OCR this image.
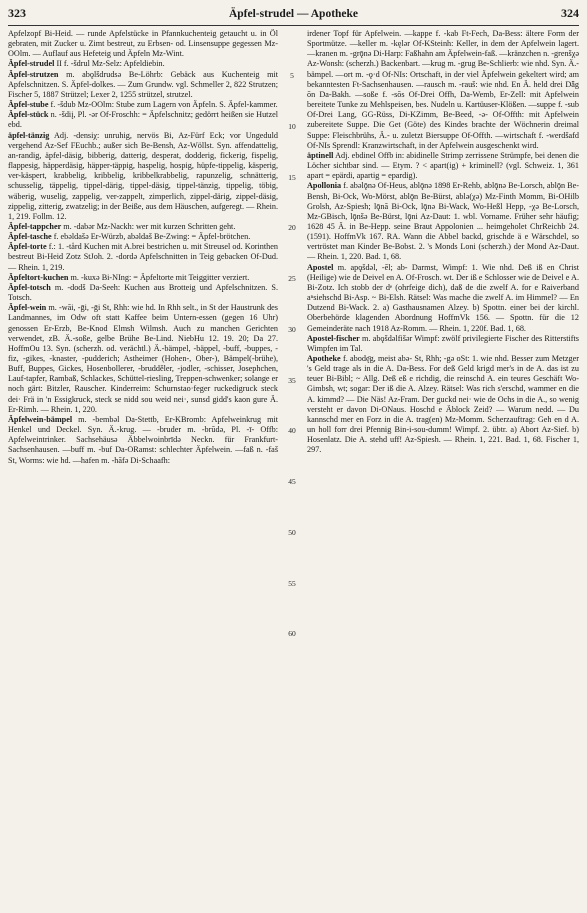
323	Äpfel-strudel — Apotheke	324

Apfelzopf Bi-Heid. — runde Apfelstücke in Pfannkuchenteig getaucht u. in Öl gebraten, mit Zucker u. Zimt bestreut, zu Erbsen- od. Linsensuppe gegessen Mz-OOlm. — Auflauf aus Hefeteig und Äpfeln Mz-Wint.

Äpfel-strudel II f. -šdrul Mz-Selz: Apfeldiebin.

Äpfel-strutzen m. abǫlšdrudsǝ Be-Löhrb: Gebäck aus Kuchenteig mit Apfelschnitzen. S. Äpfel-dolkes. — Zum Grundw. vgl. Schmeller 2, 822 Strutzen; Fischer 5, 1887 Strützel; Lexer 2, 1255 strützel, strutzel.

Äpfel-stube f. -šdub Mz-OOlm: Stube zum Lagern von Äpfeln. S. Äpfel-kammer.

Äpfel-stück n. -šdiį, Pl. -ǝr Of-Froschh: = Äpfelschnitz; gedörrt heißen sie Hutzel ebd.

äpfel-tänzig Adj. -densiχ: unruhig, nervös Bi, Az-Fürf Eck; vor Ungeduld vergehend Az-Sef FEuchb.; außer sich Be-Bensh, Az-Wöllst. Syn. affendattelig, an-randig, äpfel-däsig, bibberig, datterig, desperat, dodderig, fickerig, fispelig, flappesig, häpperdäsig, häpper-täppig, haspelig, hospig, hüpfe-tippelig, käsperig, ver-käspert, krabbelig, kribbelig, kribbelkrabbelig, rapunzelig, schnätterig, schusselig, täppelig, tippel-därig, tippel-däsig, tippel-tänzig, tippelig, töbig, wäberig, wuselig, zappelig, ver-zappelt, zimperlich, zippel-därig, zippel-däsig, zippelig, zitterig, zwatzelig; in der Beiße, aus dem Häuschen, aufgeregt. — Rhein. 1, 219. Follm. 12.

Äpfel-tappcher m. -dabǝr Mz-Nackh: wer mit kurzen Schritten geht.

Äpfel-tasche f. ebǝldašǝ Er-Würzb, abǝldaš Be-Zwing: = Äpfel-brötchen.

Äpfel-torte f.: 1. -tård Kuchen mit A.brei bestrichen u. mit Streusel od. Korinthen bestreut Bi-Heid Zotz StJoh. 2. -dordǝ Apfelschnitten in Teig gebacken Of-Dud. — Rhein. 1, 219.

Äpfeltort-kuchen m. -kuxǝ Bi-NIng: = Äpfeltorte mit Teiggitter verziert.

Äpfel-totsch m. -dodš Da-Seeh: Kuchen aus Brotteig und Apfelschnitzen. S. Totsch.

Äpfel-wein m. -wāi, -ḡi, -ḡi St, Rhh: wie hd. In Rhh selt., in St der Haustrunk des Landmannes, im Odw oft statt Kaffee beim Untern-essen (gegen 16 Uhr) genossen Er-Erzb, Be-Knod Elmsh Wilmsh. Auch zu manchen Gerichten verwendet, zB. Ä.-soße, gelbe Brühe Be-Lind. NiebHu 12. 19. 20; Da 27. HoffmOu 13. Syn. (scherzh. od. verächtl.) Ä.-bämpel, -bäppel, -buff, -buppes, -fiz, -gikes, -knaster, -pudderich; Astheimer (Hohen-, Ober-), Bämpel(-brühe), Buff, Buppes, Gickes, Hosenbollerer, -brudděler, -jodler, -schisser, Josephchen, Lauf-tapfer, Rambaß, Schlackes, Schüttel-riesling, Treppen-schwenker; solange er noch gärt: Bitzler, Rauscher. Kinderreim: Schurnstao·feger ruckedigruck steck dei· Frä in 'n Essigkruck, steck se nidd sou weid nei·, sunsd gidd's kaon gure Ä. Er-Rimh. — Rhein. 1, 220.

Äpfelwein-bämpel m. -bembǝl Da-Stettb, Er-KBromb: Apfelweinkrug mit Henkel und Deckel. Syn. Ä.-krug. — -bruder m. -brūdǝ, Pl. -ī- Offb: Apfelweintrinker. Sachsehäusǝ Äbbelwoinbrīdǝ Neckn. für Frankfurt-Sachsenhausen. —buff m. -buf Da-ORamst: schlechter Äpfelwein. —faß n. -faš St, Worms: wie hd. —hafen m. -hāfǝ Di-Schaafh:

5
10
15
20
25
30
35
40
45
50
55
60

irdener Topf für Apfelwein. —kappe f. -kab Ft-Fech, Da-Bess: ältere Form der Sportmütze. —keller m. -kęlǝr Of-KSteinh: Keller, in dem der Apfelwein lagert. —kranen m. -grǭnǝ Di-Harp: Faßhahn am Äpfelwein-faß. —kränzchen n. -grenšχǝ Az-Wonsh: (scherzh.) Backenbart. —krug m. -grug Be-Schlierb: wie nhd. Syn. Ä.-bämpel. —ort m. -ǫ·d Of-NIs: Ortschaft, in der viel Äpfelwein gekeltert wird; am bekanntesten Ft-Sachsenhausen. —rausch m. -rauš: wie nhd. En Ä. held drei Dǟg ōn Da-Bakh. —soße f. -sōs Of-Drei Offh, Da-Wemb, Er-Zell: mit Apfelwein bereitete Tunke zu Mehlspeisen, bes. Nudeln u. Kartüuser-Klößen. —suppe f. -sub Of-Drei Lang, GG-Rüss, Di-KZimm, Be-Beed, -ǝ- Of-Offth: mit Apfelwein zubereitete Suppe. Die Get (Göte) des Kindes brachte der Wöchnerin dreimal Suppe: Fleischbrühs, Ä.- u. zuletzt Biersuppe Of-Offth. —wirtschaft f. -werdšafd Of-NIs Sprendl: Kranzwirtschaft, in der Apfelwein ausgeschenkt wird.

äptinell Adj. ebdinel Offb in: abidinelle Strimp zerrissene Strümpfe, bei denen die Löcher sichtbar sind. — Etym. ? < apart(ig) + kriminell? (vgl. Schweiz. 1, 361 apart = epärdi, apartig = epardig).

Apollonia f. abǝlǭnǝ Of-Heus, ablǭnǝ 1898 Er-Rehb, ablǭnǝ Be-Lorsch, ablǭn Be-Bensh, Bi-Ock, Wo-Mörst, ablǭn Be-Bürst, ablǝ(χǝ) Mz-Finth Momm, Bi-OHilb Grolsh, Az-Spiesh; lǭnā Bi-Ock, lǭnǝ Bi-Wack, Wo-Heßl Hepp, -χǝ Be-Lorsch, Mz-GBisch, lǭnšǝ Be-Bürst, lǭni Az-Daut: 1. wbl. Vorname. Früher sehr häufig; 1628 45 Ä. in Be-Hepp. seine Braut Appolonien ... heimgeholet ChrReichb 24. (1591). HoffmVk 167. RA. Wann die Abbel backd, grischde ä e Wärschdel, so vertröstet man Kinder Be-Bobst. 2. 's Monds Loni (scherzh.) der Mond Az-Daut. — Rhein. 1, 220. Bad. 1, 68.

Apostel m. apǫšdǝl, -ēl; ab- Darmst, Wimpf: 1. Wie nhd. Deß iß en Christ (Heilige) wie de Deivel en A. Of-Frosch. wt. Der iß e Schlosser wie de Deivel e A. Bi-Zotz. Ich stobb der dᵉ (ohrfeige dich), daß de die zwelf A. for e Raiverband aⁿsiehschd Bi-Asp. ~ Bi-Elsh. Rätsel: Was mache die zwelf A. im Himmel? — En Dutzend Bi-Wack. 2. a) Gasthausnamen Alzey. b) Spottn. einer bei der kirchl. Oberbehörde klagenden Abordnung HoffmVk 156. — Spottn. für die 12 Gemeinderäte nach 1918 Az-Romm. — Rhein. 1, 220f. Bad. 1, 68.

Apostel-fischer m. abǫšdǝlfišǝr Wimpf: zwölf privilegierte Fischer des Ritterstifts Wimpfen im Tal.

Apotheke f. abodę̄g, meist abǝ- St, Rhh; -gǝ oSt: 1. wie nhd. Besser zum Metzger 's Geld trage als in die A. Da-Bess. For deß Geld krigd mer's in de A. das ist zu teuer Bi-Bibl; ~ Allg. Deß eß e richdig, die reinschd A. ein teures Geschäft Wo-Gimbsh, wt; sogar: Der iß die A. Alzey. Rätsel: Was rich s'erschd, wammer en die A. kimmd? — Die Näs! Az-Fram. Der guckd nei· wie de Ochs in die A., so wenig versteht er davon Di-ONaus. Hoschd e Äblock Zeid? — Warum nedd. — Du kannschd mer en Forz in die A. trag(en) Mz-Momm. Scherzauftrag: Geh en d A. un holl forr drei Pfennig Bin-i-sou-dumm! Wimpf. 2. übtr. a) Abort Az-Sief. b) Hosenlatz. Die A. stehd uff! Az-Spiesh. — Rhein. 1, 221. Bad. 1, 68. Fischer 1, 297.
